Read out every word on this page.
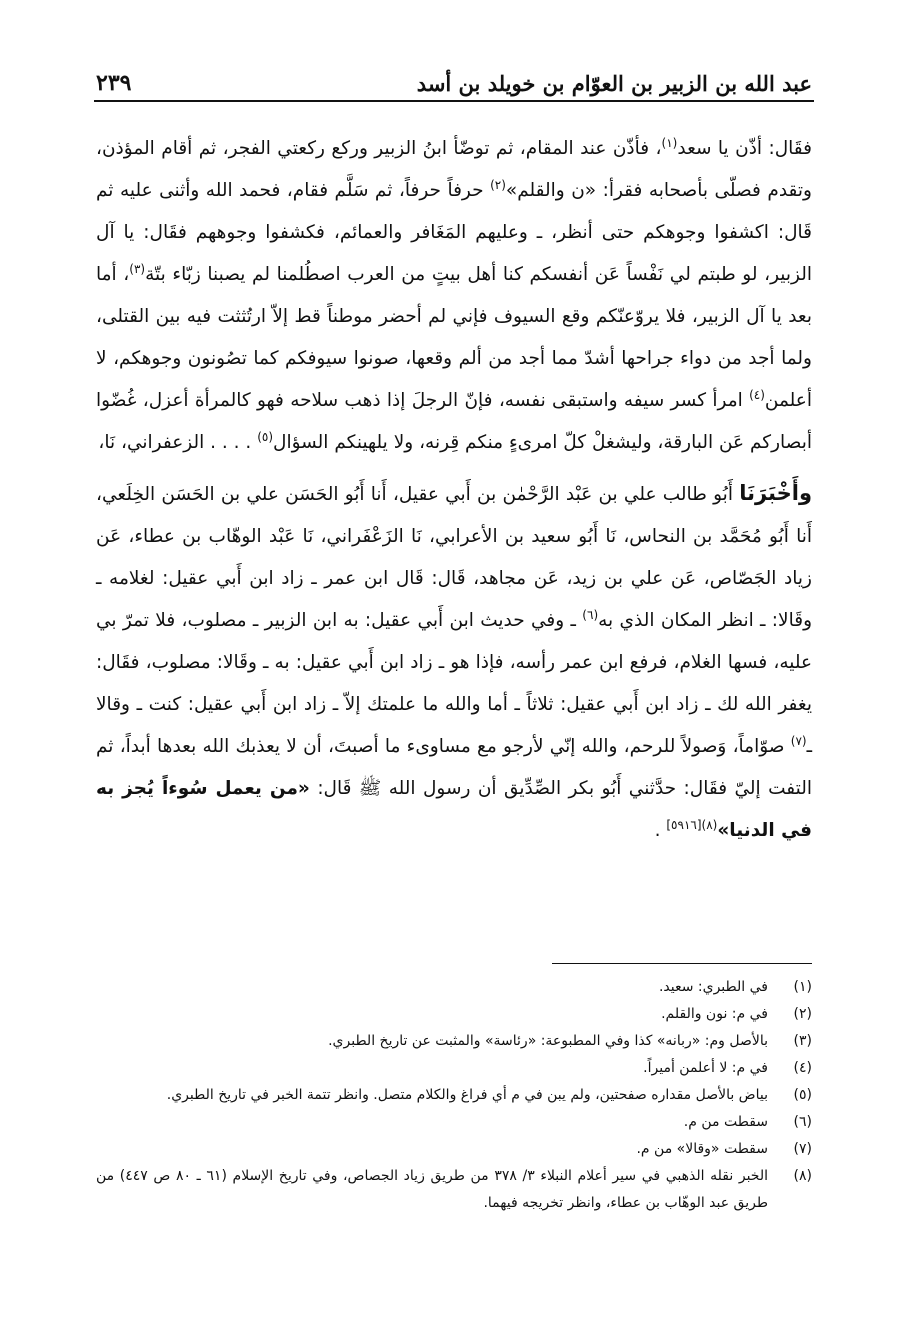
عبد الله بن الزبير بن العوّام بن خويلد بن أسد
٢٣٩

فقَال: أذّن يا سعد$^{(١)}$، فأذّن عند المقام، ثم توضّأ ابنُ الزبير وركع ركعتي الفجر، ثم أقام المؤذن، وتقدم فصلّى بأصحابه فقرأ: «ن والقلم»$^{(٢)}$ حرفاً حرفاً، ثم سَلَّم فقام، فحمد الله وأثنى عليه ثم قَال: اكشفوا وجوهكم حتى أنظر، ـ وعليهم المَغَافر والعمائم، فكشفوا وجوههم فقَال: يا آل الزبير، لو طبتم لي نَفْساً عَن أنفسكم كنا أهل بيتٍ من العرب اصطُلمنا لم يصبنا زبّاء بتّة$^{(٣)}$، أما بعد يا آل الزبير، فلا يروّعنّكم وقع السيوف فإني لم أحضر موطناً قط إلاّ ارتُثثت فيه بين القتلى، ولما أجد من دواء جراحها أشدّ مما أجد من ألم وقعها، صونوا سيوفكم كما تصُونون وجوهكم، لا أعلمن$^{(٤)}$ امرأ كسر سيفه واستبقى نفسه، فإنّ الرجلَ إذا ذهب سلاحه فهو كالمرأة أعزل، غُضّوا أبصاركم عَن البارقة، وليشغلْ كلّ امرىءٍ منكم قِرنه، ولا يلهينكم السؤال$^{(٥)}$ . . . . الزعفراني، نَا،

وأَخْبَرَنَا أَبُو طالب علي بن عَبْد الرَّحْمٰن بن أَبي عقيل، أَنا أَبُو الحَسَن علي بن الحَسَن الخِلَعي، أَنا أَبُو مُحَمَّد بن النحاس، نَا أَبُو سعيد بن الأعرابي، نَا الزَعْفَراني، نَا عَبْد الوهّاب بن عطاء، عَن زياد الجَصّاص، عَن علي بن زيد، عَن مجاهد، قَال: قَال ابن عمر ـ زاد ابن أَبي عقيل: لغلامه ـ وقَالا: ـ انظر المكان الذي به$^{(٦)}$ ـ وفي حديث ابن أَبي عقيل: به ابن الزبير ـ مصلوب، فلا تمرّ بي عليه، فسها الغلام، فرفع ابن عمر رأسه، فإذا هو ـ زاد ابن أَبي عقيل: به ـ وقَالا: مصلوب، فقَال: يغفر الله لك ـ زاد ابن أَبي عقيل: ثلاثاً ـ أما والله ما علمتك إلاّ ـ زاد ابن أَبي عقيل: كنت ـ وقالا ـ$^{(٧)}$ صوّاماً، وَصولاً للرحم، والله إنّي لأرجو مع مساوىء ما أصبتَ، أن لا يعذبك الله بعدها أبداً، ثم التفت إليّ فقَال: حدَّثني أَبُو بكر الصِّدِّيق أن رسول الله ﷺ قَال: «من يعمل سُوءاً يُجز به في الدنيا»$^{(٨)[٥٩١٦]}$ .

(١)
في الطبري: سعيد.
(٢)
في م: نون والقلم.
(٣)
بالأصل وم: «ربانه» كذا وفي المطبوعة: «رئاسة» والمثبت عن تاريخ الطبري.
(٤)
في م: لا أعلمن أميراً.
(٥)
بياض بالأصل مقداره صفحتين، ولم يبن في م أي فراغ والكلام متصل. وانظر تتمة الخبر في تاريخ الطبري.
(٦)
سقطت من م.
(٧)
سقطت «وقالا» من م.
(٨)
الخبر نقله الذهبي في سير أعلام النبلاء ٣/ ٣٧٨ من طريق زياد الجصاص، وفي تاريخ الإسلام (٦١ ـ ٨٠ ص ٤٤٧) من طريق عبد الوهّاب بن عطاء، وانظر تخريجه فيهما.
